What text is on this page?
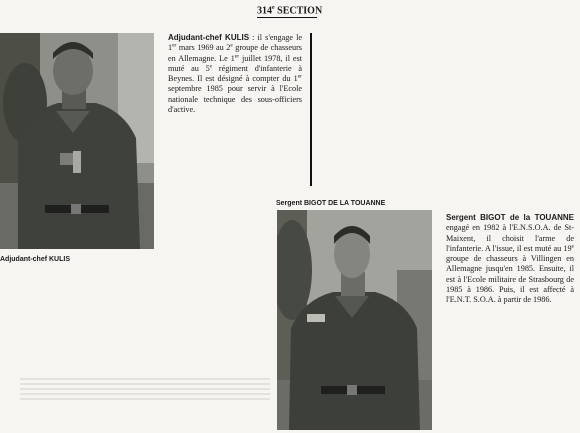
314e SECTION
Adjudant-chef KULIS
Adjudant-chef KULIS : il s'engage le 1er mars 1969 au 2e groupe de chasseurs en Allemagne. Le 1er juillet 1978, il est muté au 5e régiment d'infanterie à Beynes. Il est désigné à compter du 1er septembre 1985 pour servir à l'Ecole nationale technique des sous-officiers d'active.
Sergent BIGOT DE LA TOUANNE
Sergent BIGOT de la TOUANNE engagé en 1982 à l'E.N.S.O.A. de St-Maixent, il choisit l'arme de l'infanterie. A l'issue, il est muté au 19e groupe de chasseurs à Villingen en Allemagne jusqu'en 1985. Ensuite, il est à l'Ecole militaire de Strasbourg de 1985 à 1986. Puis, il est affecté à l'E.N.T. S.O.A. à partir de 1986.
